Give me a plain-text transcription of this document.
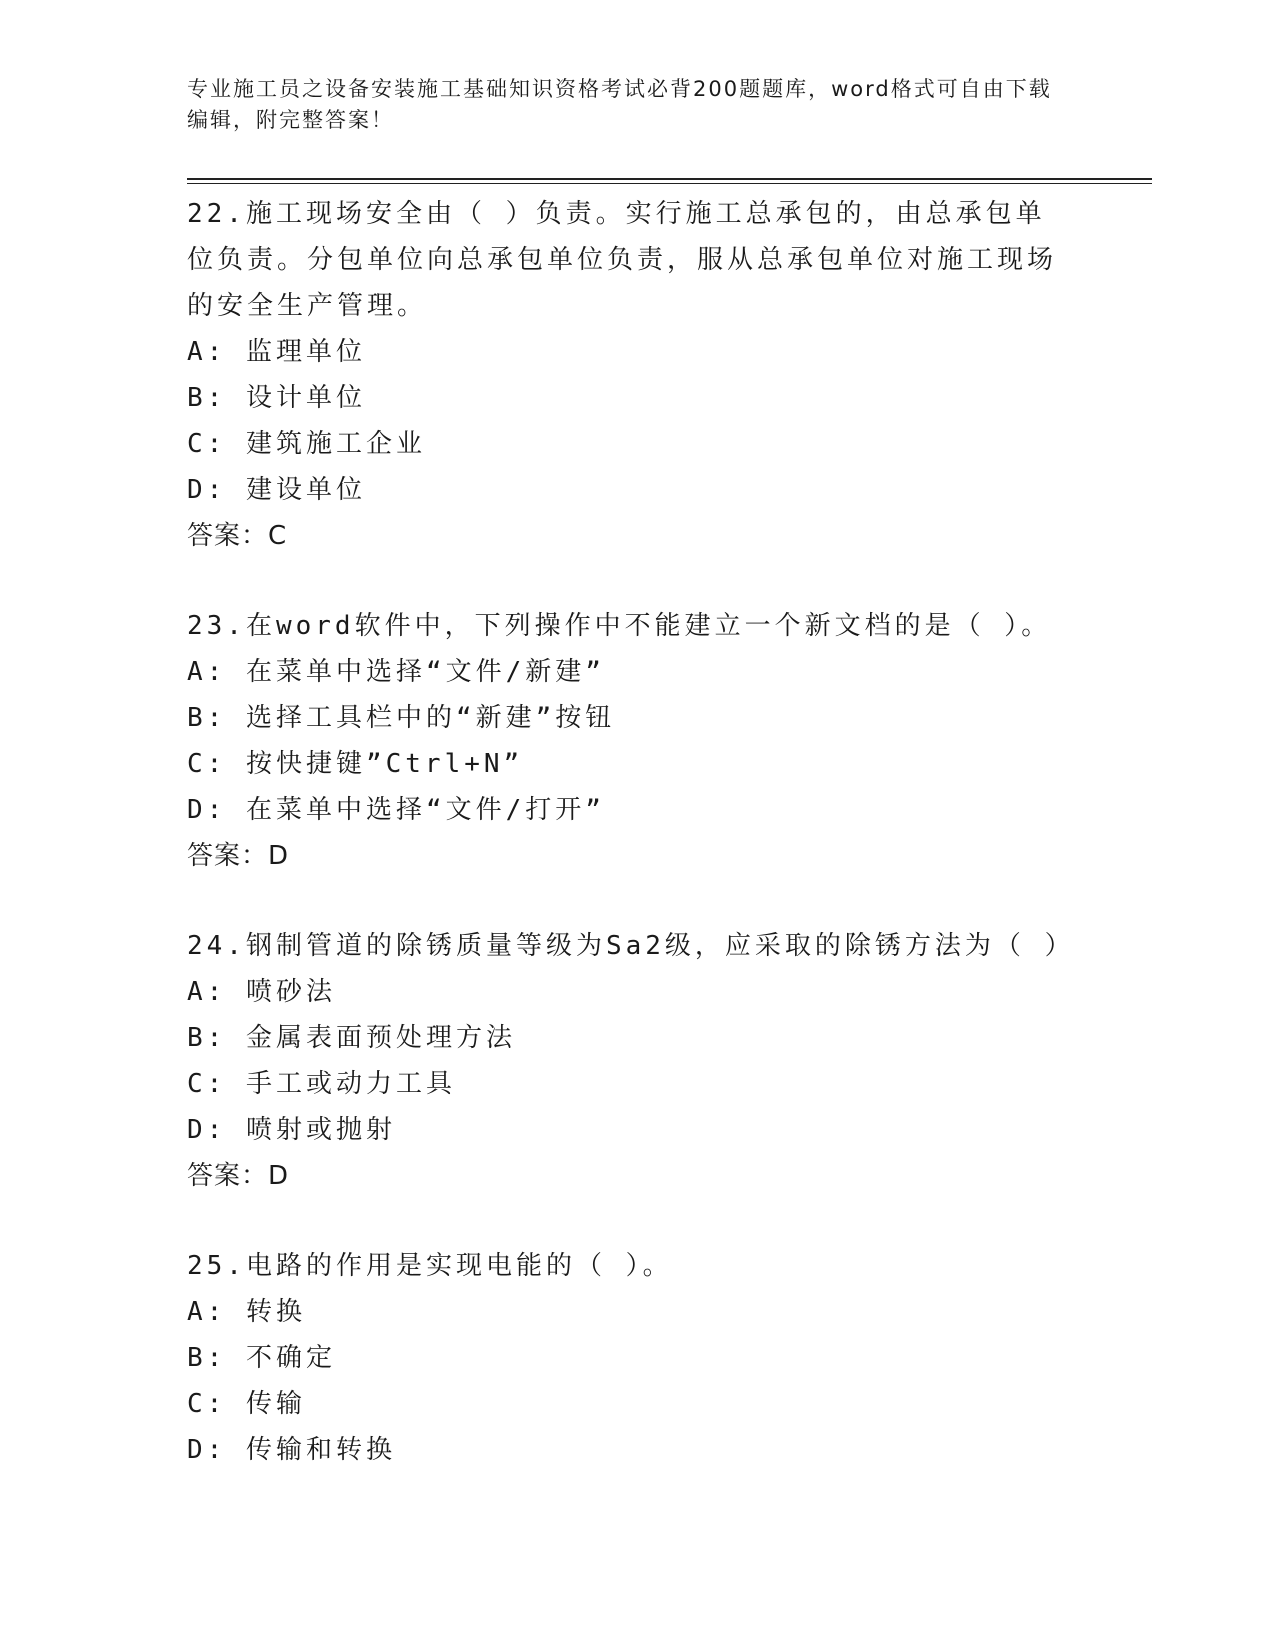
专业施工员之设备安装施工基础知识资格考试必背200题题库，word格式可自由下载编辑，附完整答案！

22.施工现场安全由（ ）负责。实行施工总承包的，由总承包单位负责。分包单位向总承包单位负责，服从总承包单位对施工现场的安全生产管理。

A: 监理单位

B: 设计单位

C: 建筑施工企业

D: 建设单位

答案：C

23.在word软件中，下列操作中不能建立一个新文档的是（ ）。

A: 在菜单中选择“文件/新建”

B: 选择工具栏中的“新建”按钮

C: 按快捷键”Ctrl+N”

D: 在菜单中选择“文件/打开”

答案：D

24.钢制管道的除锈质量等级为Sa2级，应采取的除锈方法为（ ）

A: 喷砂法

B: 金属表面预处理方法

C: 手工或动力工具

D: 喷射或抛射

答案：D

25.电路的作用是实现电能的（ ）。

A: 转换

B: 不确定

C: 传输

D: 传输和转换
